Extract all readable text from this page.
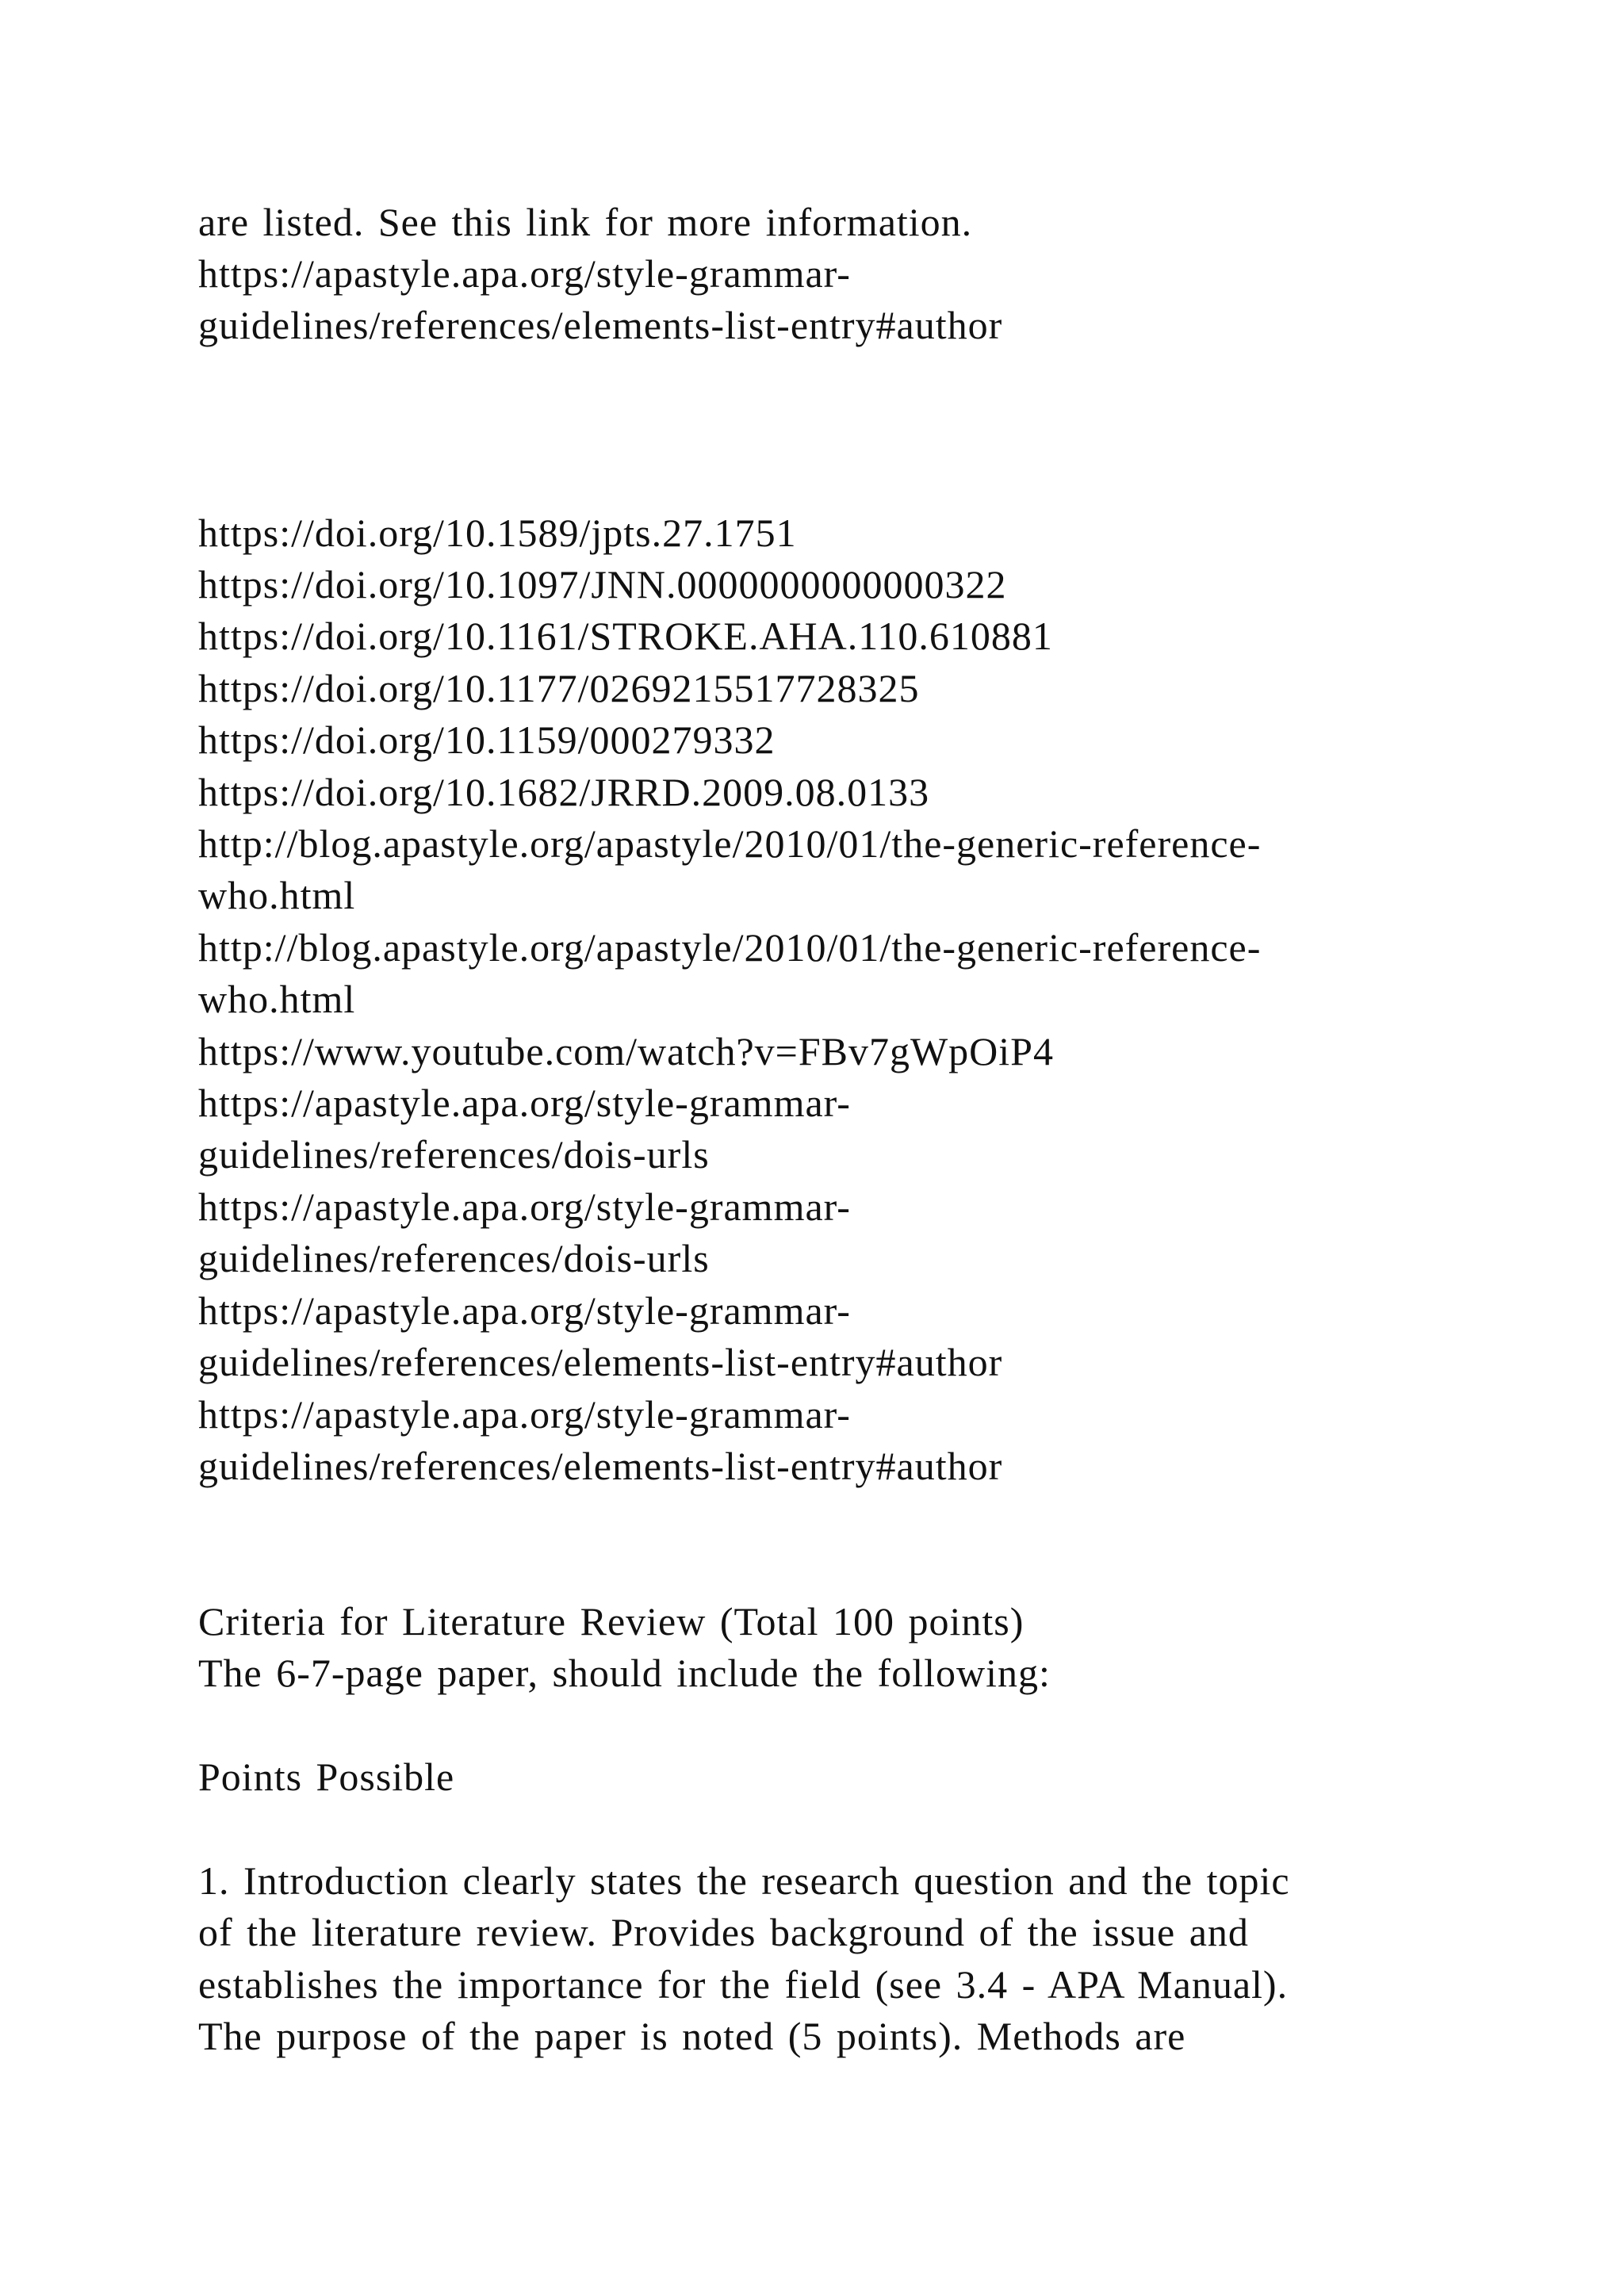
are listed. See this link for more information.
https://apastyle.apa.org/style-grammar-
guidelines/references/elements-list-entry#author
https://doi.org/10.1589/jpts.27.1751
https://doi.org/10.1097/JNN.0000000000000322
https://doi.org/10.1161/STROKE.AHA.110.610881
https://doi.org/10.1177/0269215517728325
https://doi.org/10.1159/000279332
https://doi.org/10.1682/JRRD.2009.08.0133
http://blog.apastyle.org/apastyle/2010/01/the-generic-reference-
who.html
http://blog.apastyle.org/apastyle/2010/01/the-generic-reference-
who.html
https://www.youtube.com/watch?v=FBv7gWpOiP4
https://apastyle.apa.org/style-grammar-
guidelines/references/dois-urls
https://apastyle.apa.org/style-grammar-
guidelines/references/dois-urls
https://apastyle.apa.org/style-grammar-
guidelines/references/elements-list-entry#author
https://apastyle.apa.org/style-grammar-
guidelines/references/elements-list-entry#author
Criteria for Literature Review (Total 100 points)
The 6-7-page paper, should include the following:
Points Possible
1. Introduction clearly states the research question and the topic
of the literature review. Provides background of the issue and
establishes the importance for the field (see 3.4 - APA Manual).
The purpose of the paper is noted (5 points). Methods are
